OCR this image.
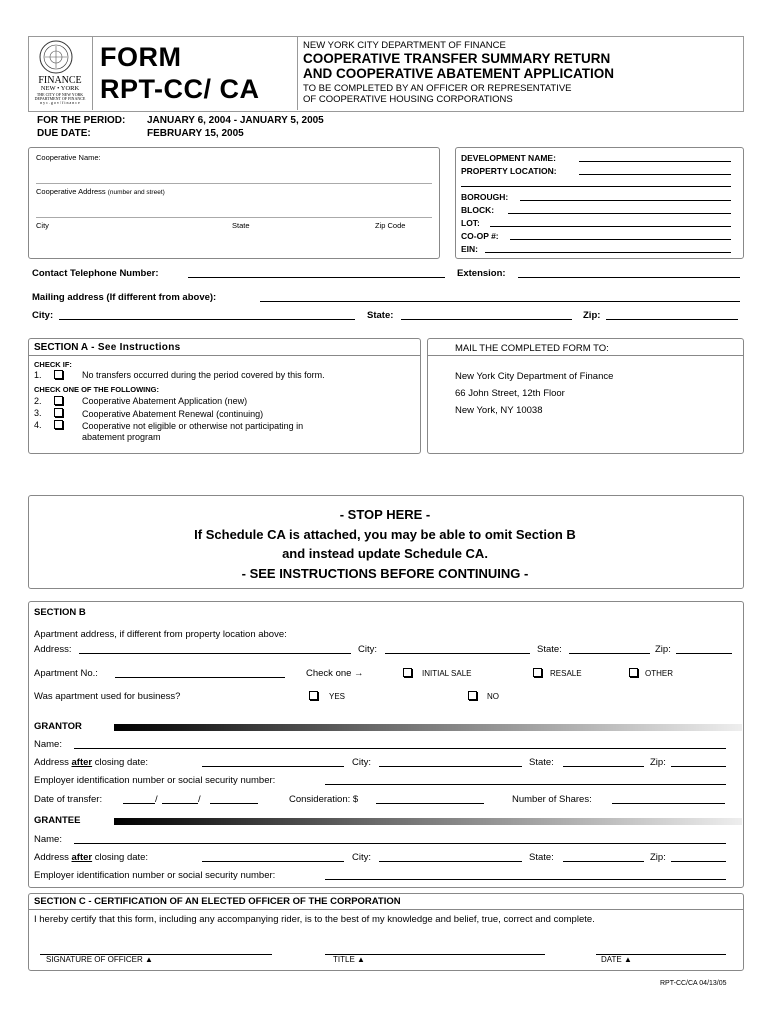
FINANCE
NEW • YORK
THE CITY OF NEW YORK
DEPARTMENT OF FINANCE
n y c . g o v / f i n a n c e
FORM
RPT-CC/ CA
NEW YORK CITY DEPARTMENT OF FINANCE
COOPERATIVE TRANSFER SUMMARY RETURN
AND COOPERATIVE ABATEMENT APPLICATION
TO BE COMPLETED BY AN OFFICER OR REPRESENTATIVE
OF COOPERATIVE HOUSING CORPORATIONS
FOR THE PERIOD: JANUARY 6, 2004 - JANUARY 5, 2005
DUE DATE:	FEBRUARY 15, 2005
Cooperative Name:
Cooperative Address (number and street)
City	State	Zip Code
DEVELOPMENT NAME:
PROPERTY LOCATION:
BOROUGH:
BLOCK:
LOT:
CO-OP #:
EIN:
Contact Telephone Number:	Extension:
Mailing address (If different from above):
City:	State:	Zip:
SECTION A - See Instructions
CHECK IF:
1.	No transfers occurred during the period covered by this form.
CHECK ONE OF THE FOLLOWING:
2.	Cooperative Abatement Application (new)
3.	Cooperative Abatement Renewal (continuing)
4.	Cooperative not eligible or otherwise not participating in
abatement program
MAIL THE COMPLETED FORM TO:
New York City Department of Finance
66 John Street, 12th Floor
New York, NY 10038
- STOP HERE -
If Schedule CA is attached, you may be able to omit Section B
and instead update Schedule CA.
- SEE INSTRUCTIONS BEFORE CONTINUING -
SECTION B
Apartment address, if different from property location above:
Address:	City:	State:	Zip:
Apartment No.:	Check one →	INITIAL SALE	RESALE	OTHER
Was apartment used for business?	YES	NO
GRANTOR
Name:
Address after closing date:	City:	State:	Zip:
Employer identification number or social security number:
Date of transfer:	/	/	Consideration: $	Number of Shares:
GRANTEE
Name:
Address after closing date:	City:	State:	Zip:
Employer identification number or social security number:
SECTION C - CERTIFICATION OF AN ELECTED OFFICER OF THE CORPORATION
I hereby certify that this form, including any accompanying rider, is to the best of my knowledge and belief, true, correct and complete.
SIGNATURE OF OFFICER ▲	TITLE ▲	DATE ▲
RPT-CC/CA 04/13/05
